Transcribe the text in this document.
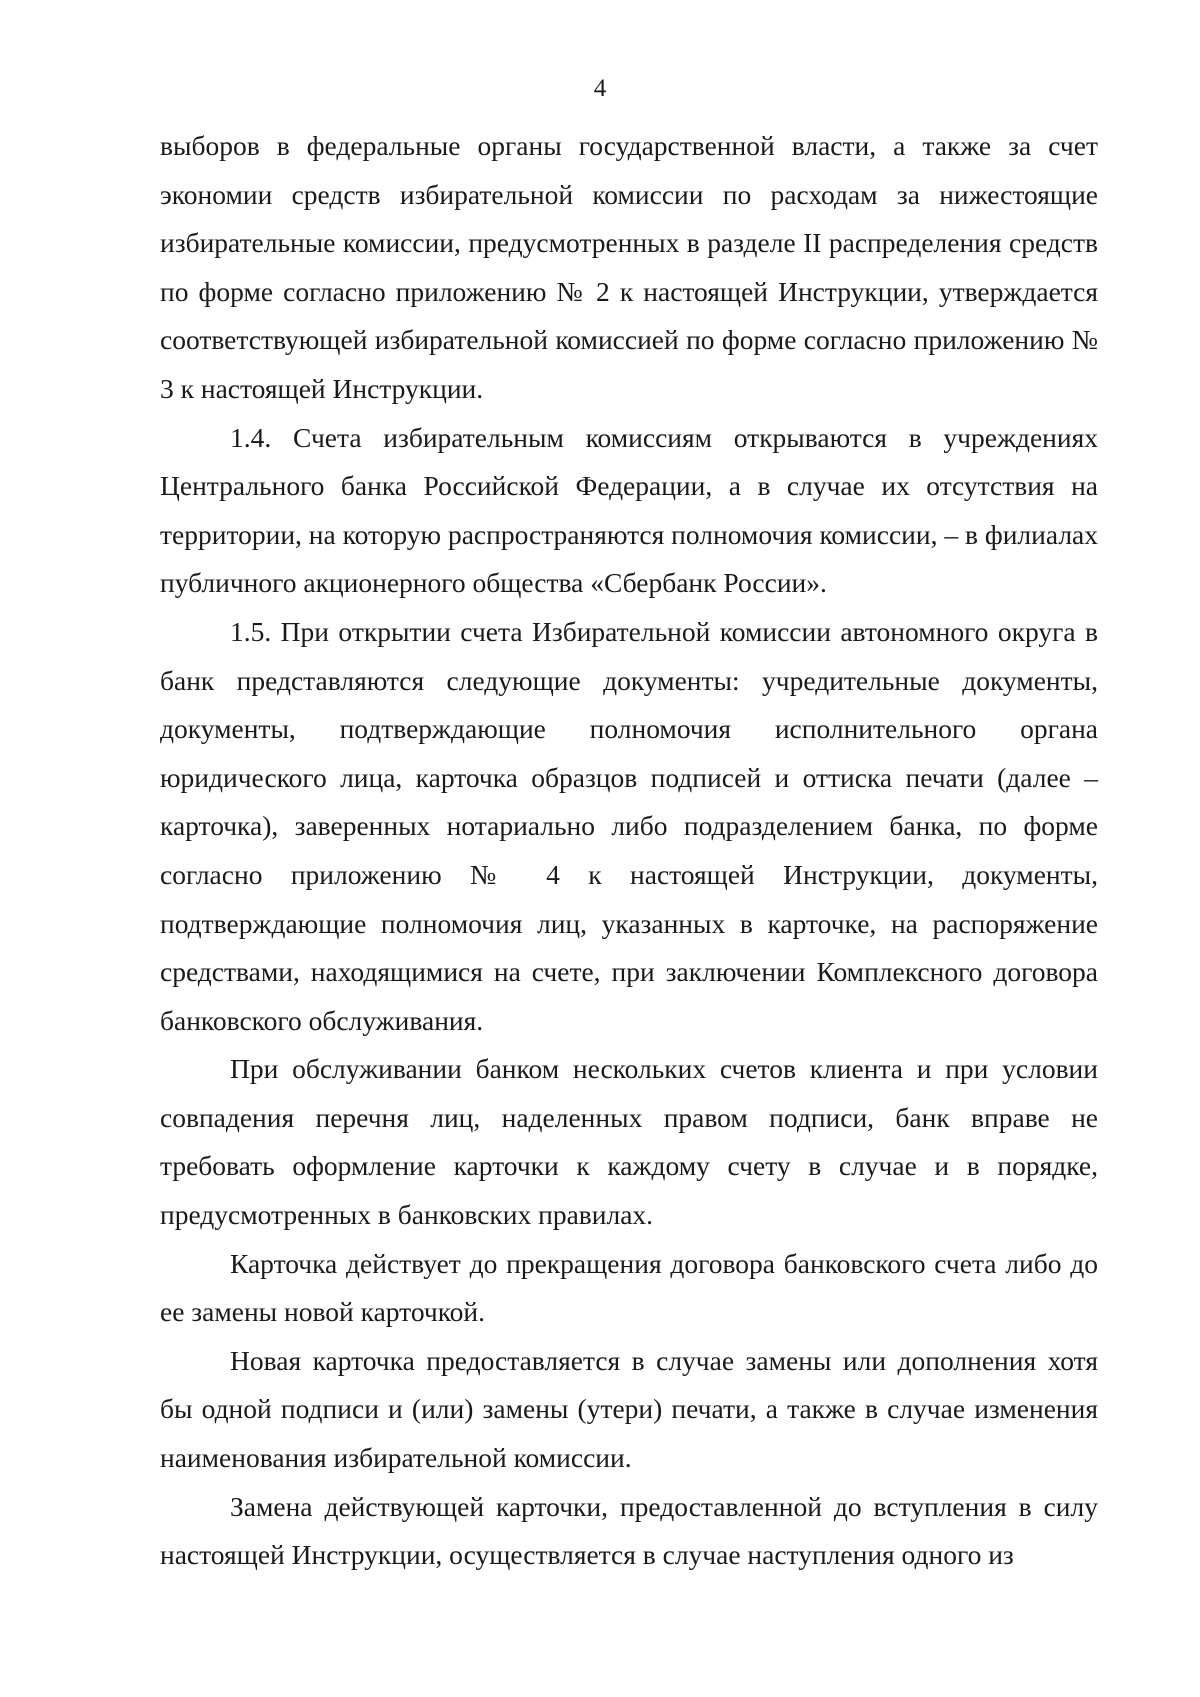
4

выборов в федеральные органы государственной власти, а также за счет экономии средств избирательной комиссии по расходам за нижестоящие избирательные комиссии, предусмотренных в разделе II распределения средств по форме согласно приложению № 2 к настоящей Инструкции, утверждается соответствующей избирательной комиссией по форме согласно приложению № 3 к настоящей Инструкции.

1.4. Счета избирательным комиссиям открываются в учреждениях Центрального банка Российской Федерации, а в случае их отсутствия на территории, на которую распространяются полномочия комиссии, – в филиалах публичного акционерного общества «Сбербанк России».

1.5. При открытии счета Избирательной комиссии автономного округа в банк представляются следующие документы: учредительные документы, документы, подтверждающие полномочия исполнительного органа юридического лица, карточка образцов подписей и оттиска печати (далее – карточка), заверенных нотариально либо подразделением банка, по форме согласно приложению № 4 к настоящей Инструкции, документы, подтверждающие полномочия лиц, указанных в карточке, на распоряжение средствами, находящимися на счете, при заключении Комплексного договора банковского обслуживания.

При обслуживании банком нескольких счетов клиента и при условии совпадения перечня лиц, наделенных правом подписи, банк вправе не требовать оформление карточки к каждому счету в случае и в порядке, предусмотренных в банковских правилах.

Карточка действует до прекращения договора банковского счета либо до ее замены новой карточкой.

Новая карточка предоставляется в случае замены или дополнения хотя бы одной подписи и (или) замены (утери) печати, а также в случае изменения наименования избирательной комиссии.

Замена действующей карточки, предоставленной до вступления в силу настоящей Инструкции, осуществляется в случае наступления одного из
